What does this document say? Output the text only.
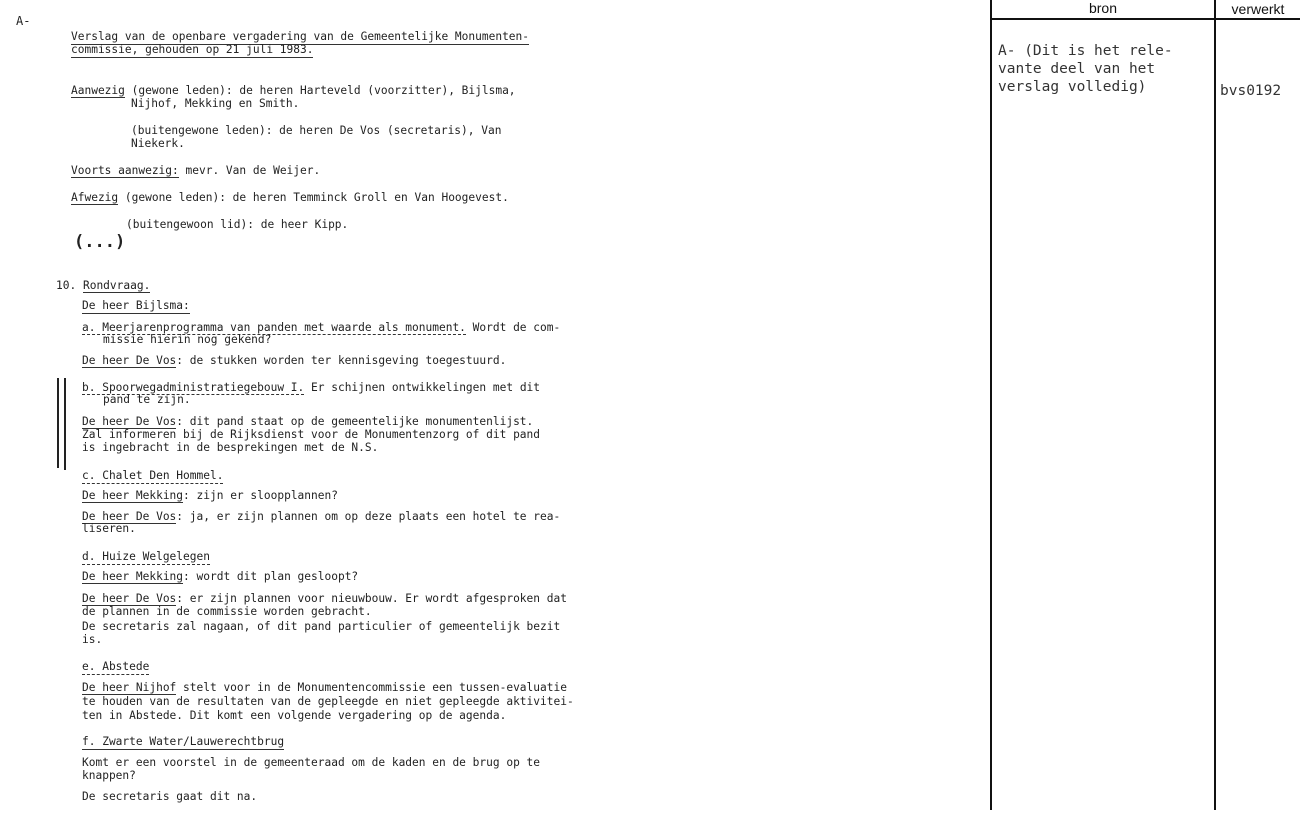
A-
Verslag van de openbare vergadering van de Gemeentelijke Monumenten-
commissie, gehouden op 21 juli 1983.
Aanwezig (gewone leden): de heren Harteveld (voorzitter), Bijlsma,
Nijhof, Mekking en Smith.
(buitengewone leden): de heren De Vos (secretaris), Van
Niekerk.
Voorts aanwezig: mevr. Van de Weijer.
Afwezig (gewone leden): de heren Temminck Groll en Van Hoogevest.
(buitengewoon lid): de heer Kipp.
(...)
10. Rondvraag.
De heer Bijlsma:
a. Meerjarenprogramma van panden met waarde als monument. Wordt de com-
missie hierin nog gekend?
De heer De Vos: de stukken worden ter kennisgeving toegestuurd.
b. Spoorwegadministratiegebouw I. Er schijnen ontwikkelingen met dit
pand te zijn.
De heer De Vos: dit pand staat op de gemeentelijke monumentenlijst.
Zal informeren bij de Rijksdienst voor de Monumentenzorg of dit pand
is ingebracht in de besprekingen met de N.S.
c. Chalet Den Hommel.
De heer Mekking: zijn er sloopplannen?
De heer De Vos: ja, er zijn plannen om op deze plaats een hotel te rea-
liseren.
d. Huize Welgelegen
De heer Mekking: wordt dit plan gesloopt?
De heer De Vos: er zijn plannen voor nieuwbouw. Er wordt afgesproken dat
de plannen in de commissie worden gebracht.
De secretaris zal nagaan, of dit pand particulier of gemeentelijk bezit
is.
e. Abstede
De heer Nijhof stelt voor in de Monumentencommissie een tussen-evaluatie
te houden van de resultaten van de gepleegde en niet gepleegde aktivitei-
ten in Abstede. Dit komt een volgende vergadering op de agenda.
f. Zwarte Water/Lauwerechtbrug
Komt er een voorstel in de gemeenteraad om de kaden en de brug op te
knappen?
De secretaris gaat dit na.
bron	verwerkt
A- (Dit is het rele-
vante deel van het
verslag volledig)	bvs0192
